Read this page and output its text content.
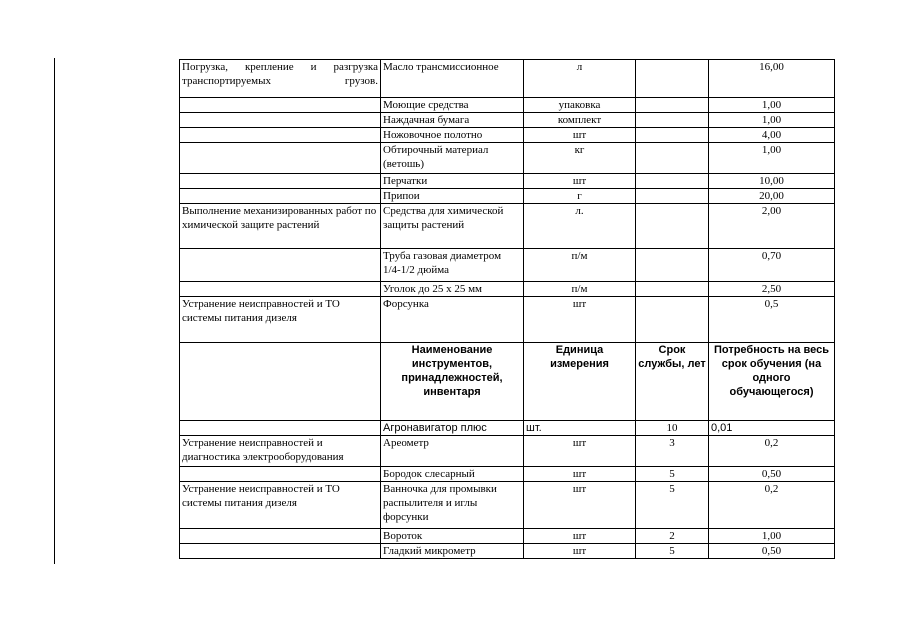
Погрузка, крепление и разгрузка транспортируемых грузов.	Масло трансмиссионное	л		16,00
	Моющие средства	упаковка		1,00
	Наждачная бумага	комплект		1,00
	Ножовочное полотно	шт		4,00
	Обтирочный материал (ветошь)	кг		1,00
	Перчатки	шт		10,00
	Припои	г		20,00
Выполнение механизированных работ по химической защите растений	Средства для химической защиты растений	л.		2,00
	Труба газовая диаметром 1/4-1/2 дюйма	п/м		0,70
	Уголок до 25 х 25 мм	п/м		2,50
Устранение неисправностей и ТО системы питания дизеля	Форсунка	шт		0,5
	Наименование инструментов, принадлежностей, инвентаря	Единица измерения	Срок службы, лет	Потребность на весь срок обучения (на одного обучающегося)
	Агронавигатор плюс	шт.	10	0,01
Устранение неисправностей и диагностика электрооборудования	Ареометр	шт	3	0,2
	Бородок слесарный	шт	5	0,50
Устранение неисправностей и ТО системы питания дизеля	Ванночка для промывки распылителя и иглы форсунки	шт	5	0,2
	Вороток	шт	2	1,00
	Гладкий микрометр	шт	5	0,50
